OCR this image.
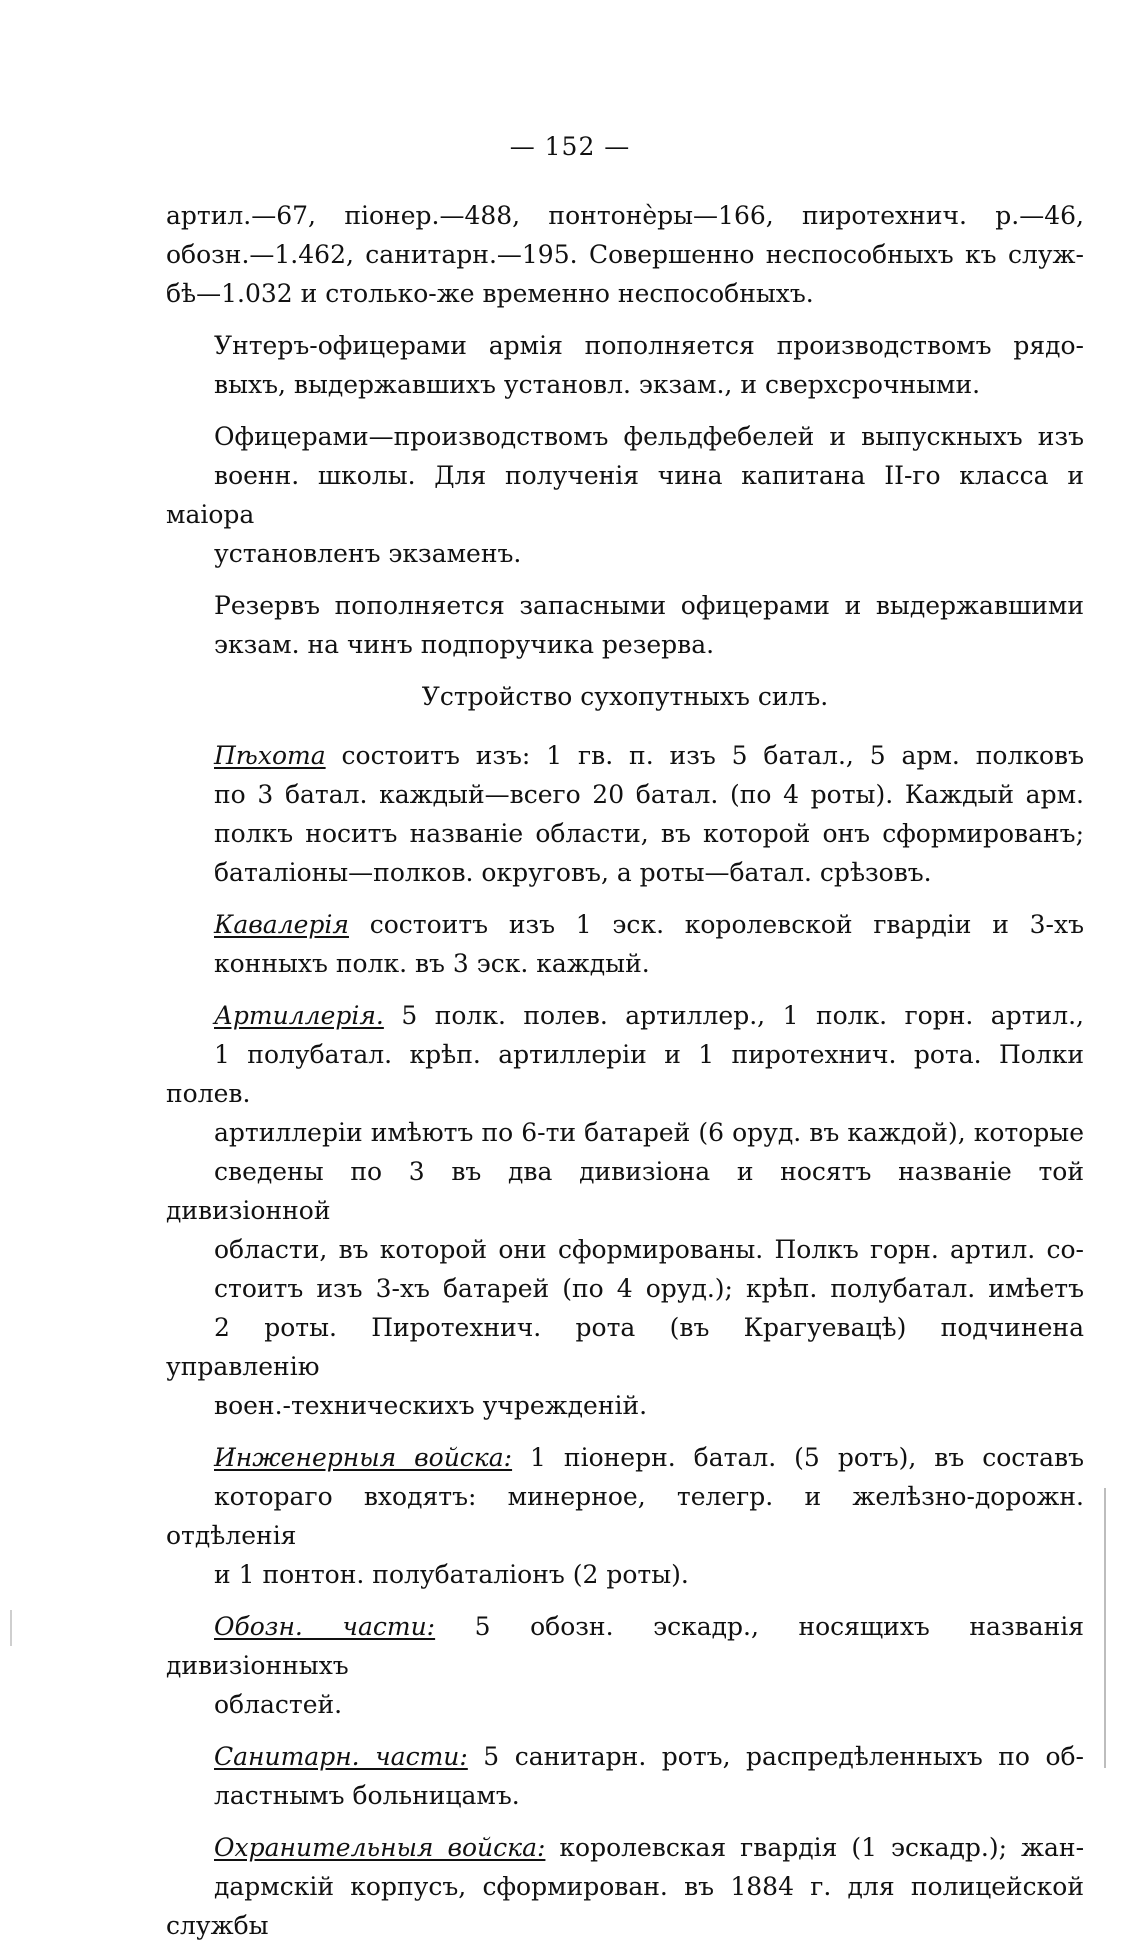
— 152 —

артил.—67, піонер.—488, понтонѐры—166, пиротехнич. р.—46,
обозн.—1.462, санитарн.—195. Совершенно неспособныхъ къ служ-
бѣ—1.032 и столько-же временно неспособныхъ.

Унтеръ-офицерами армія пополняется производствомъ рядо-
выхъ, выдержавшихъ установл. экзам., и сверхсрочными.

Офицерами—производствомъ фельдфебелей и выпускныхъ изъ
военн. школы. Для полученія чина капитана II-го класса и маіора
установленъ экзаменъ.

Резервъ пополняется запасными офицерами и выдержавшими
экзам. на чинъ подпоручика резерва.

Устройство сухопутныхъ силъ.

Пѣхота состоитъ изъ: 1 гв. п. изъ 5 батал., 5 арм. полковъ
по 3 батал. каждый—всего 20 батал. (по 4 роты). Каждый арм.
полкъ носитъ названіе области, въ которой онъ сформированъ;
баталіоны—полков. округовъ, а роты—батал. срѣзовъ.

Кавалерія состоитъ изъ 1 эск. королевской гвардіи и 3-хъ
конныхъ полк. въ 3 эск. каждый.

Артиллерія. 5 полк. полев. артиллер., 1 полк. горн. артил.,
1 полубатал. крѣп. артиллеріи и 1 пиротехнич. рота. Полки полев.
артиллеріи имѣютъ по 6-ти батарей (6 оруд. въ каждой), которые
сведены по 3 въ два дивизіона и носятъ названіе той дивизіонной
области, въ которой они сформированы. Полкъ горн. артил. со-
стоитъ изъ 3-хъ батарей (по 4 оруд.); крѣп. полубатал. имѣетъ
2 роты. Пиротехнич. рота (въ Крагуевацѣ) подчинена управленію
воен.-техническихъ учрежденій.

Инженерныя войска: 1 піонерн. батал. (5 ротъ), въ составъ
котораго входятъ: минерное, телегр. и желѣзно-дорожн. отдѣленія
и 1 понтон. полубаталіонъ (2 роты).

Обозн. части: 5 обозн. эскадр., носящихъ названія дивизіонныхъ
областей.

Санитарн. части: 5 санитарн. ротъ, распредѣленныхъ по об-
ластнымъ больницамъ.

Охранительныя войска: королевская гвардія (1 эскадр.); жан-
дармскій корпусъ, сформирован. въ 1884 г. для полицейской службы
